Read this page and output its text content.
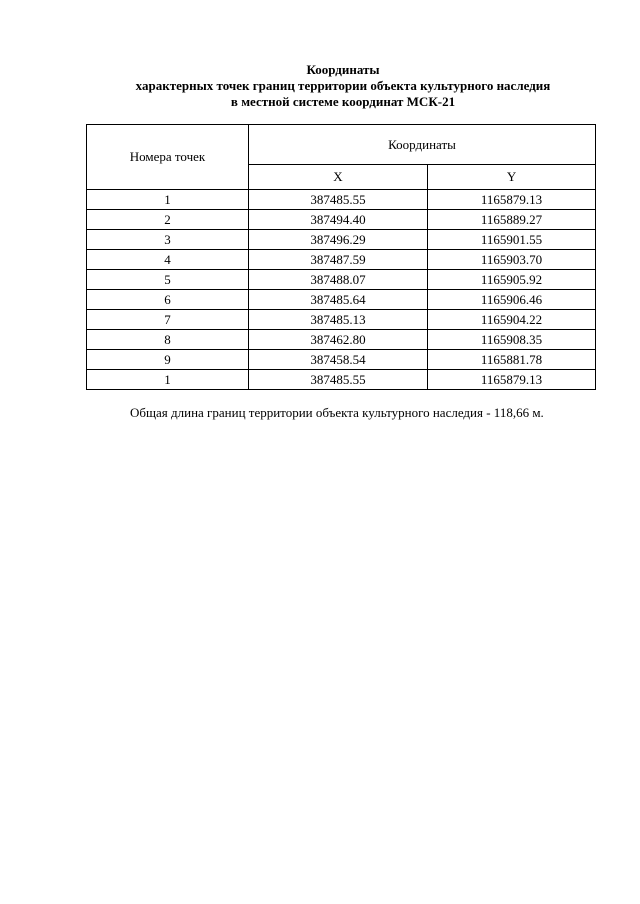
Координаты
характерных точек границ территории объекта культурного наследия
в местной системе координат МСК-21
Номера точек	Координаты	
	X	Y
1	387485.55	1165879.13
2	387494.40	1165889.27
3	387496.29	1165901.55
4	387487.59	1165903.70
5	387488.07	1165905.92
6	387485.64	1165906.46
7	387485.13	1165904.22
8	387462.80	1165908.35
9	387458.54	1165881.78
1	387485.55	1165879.13
Общая длина границ территории объекта культурного наследия - 118,66 м.
